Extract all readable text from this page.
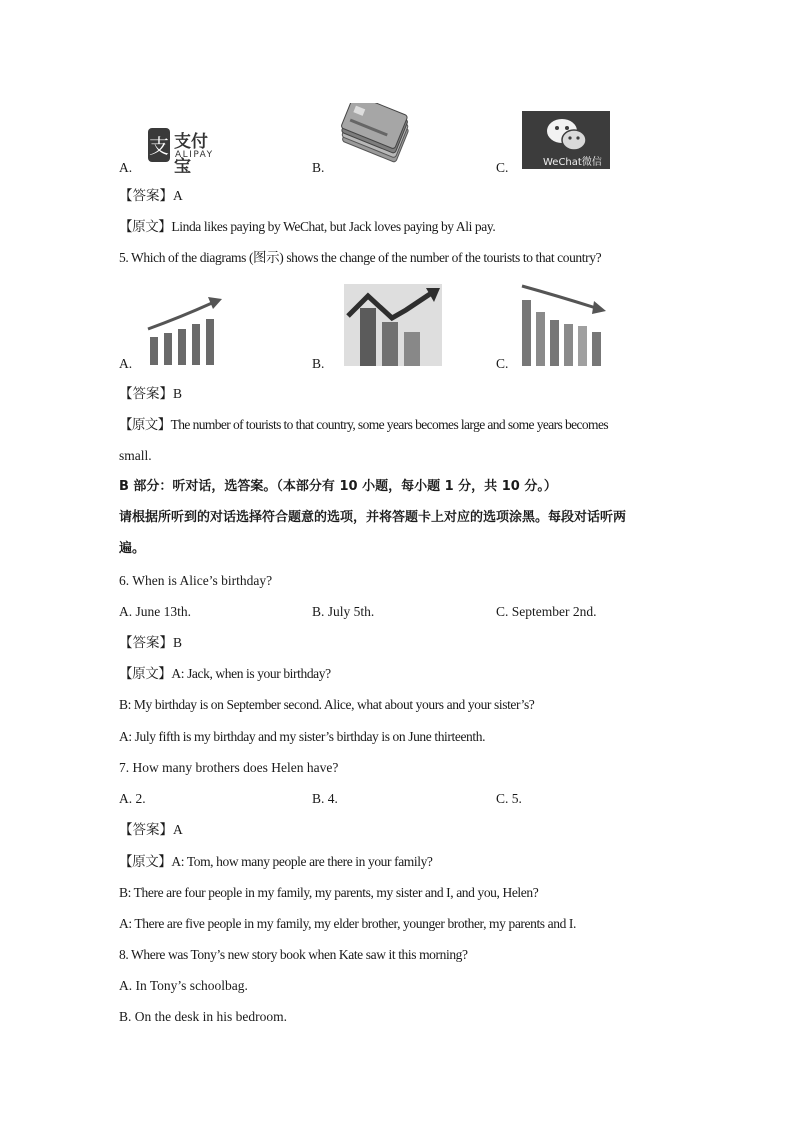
支 支付宝
ALIPAY
WeChat微信
A.	B.	C.
【答案】A
【原文】Linda likes paying by WeChat, but Jack loves paying by Ali pay.
5. Which of the diagrams (图示) shows the change of the number of the tourists to that country?
A.	B.	C.
【答案】B
【原文】The number of tourists to that country, some years becomes large and some years becomes
small.
B 部分：听对话，选答案。（本部分有 10 小题，每小题 1 分，共 10 分。）
请根据所听到的对话选择符合题意的选项，并将答题卡上对应的选项涂黑。每段对话听两
遍。
6. When is Alice’s birthday?
A. June 13th.	B. July 5th.	C. September 2nd.
【答案】B
【原文】A: Jack, when is your birthday?
B: My birthday is on September second. Alice, what about yours and your sister’s?
A: July fifth is my birthday and my sister’s birthday is on June thirteenth.
7. How many brothers does Helen have?
A. 2.	B. 4.	C. 5.
【答案】A
【原文】A: Tom, how many people are there in your family?
B: There are four people in my family, my parents, my sister and I, and you, Helen?
A: There are five people in my family, my elder brother, younger brother, my parents and I.
8. Where was Tony’s new story book when Kate saw it this morning?
A. In Tony’s schoolbag.
B. On the desk in his bedroom.
